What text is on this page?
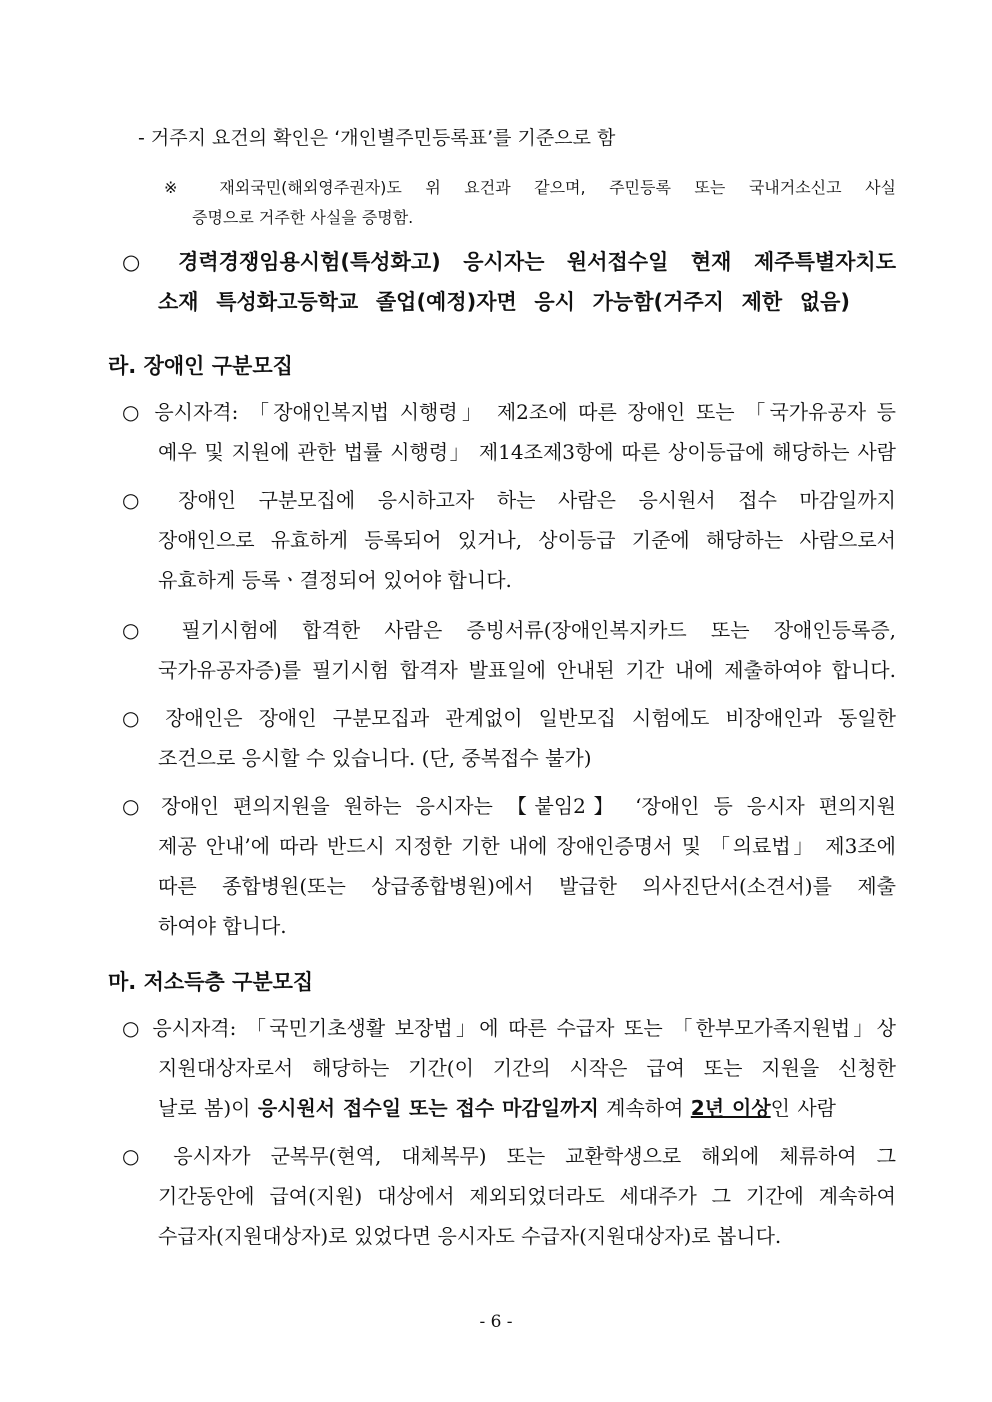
- 거주지 요건의 확인은 ‘개인별주민등록표’를 기준으로 함
※ 재외국민(해외영주권자)도 위 요건과 같으며, 주민등록 또는 국내거소신고 사실
증명으로 거주한 사실을 증명함.
○ 경력경쟁임용시험(특성화고) 응시자는 원서접수일 현재 제주특별자치도
소재 특성화고등학교 졸업(예정)자면 응시 가능함(거주지 제한 없음)
라. 장애인 구분모집
○ 응시자격: 「장애인복지법 시행령」 제2조에 따른 장애인 또는 「국가유공자 등
예우 및 지원에 관한 법률 시행령」 제14조제3항에 따른 상이등급에 해당하는 사람
○ 장애인 구분모집에 응시하고자 하는 사람은 응시원서 접수 마감일까지
장애인으로 유효하게 등록되어 있거나, 상이등급 기준에 해당하는 사람으로서
유효하게 등록ㆍ결정되어 있어야 합니다.
○ 필기시험에 합격한 사람은 증빙서류(장애인복지카드 또는 장애인등록증,
국가유공자증)를 필기시험 합격자 발표일에 안내된 기간 내에 제출하여야 합니다.
○ 장애인은 장애인 구분모집과 관계없이 일반모집 시험에도 비장애인과 동일한
조건으로 응시할 수 있습니다. (단, 중복접수 불가)
○ 장애인 편의지원을 원하는 응시자는 【붙임2】 ‘장애인 등 응시자 편의지원
제공 안내’에 따라 반드시 지정한 기한 내에 장애인증명서 및 「의료법」 제3조에
따른 종합병원(또는 상급종합병원)에서 발급한 의사진단서(소견서)를 제출
하여야 합니다.
마. 저소득층 구분모집
○ 응시자격: 「국민기초생활 보장법」에 따른 수급자 또는 「한부모가족지원법」상
지원대상자로서 해당하는 기간(이 기간의 시작은 급여 또는 지원을 신청한
날로 봄)이 응시원서 접수일 또는 접수 마감일까지 계속하여 2년 이상인 사람
○ 응시자가 군복무(현역, 대체복무) 또는 교환학생으로 해외에 체류하여 그
기간동안에 급여(지원) 대상에서 제외되었더라도 세대주가 그 기간에 계속하여
수급자(지원대상자)로 있었다면 응시자도 수급자(지원대상자)로 봅니다.
- 6 -
